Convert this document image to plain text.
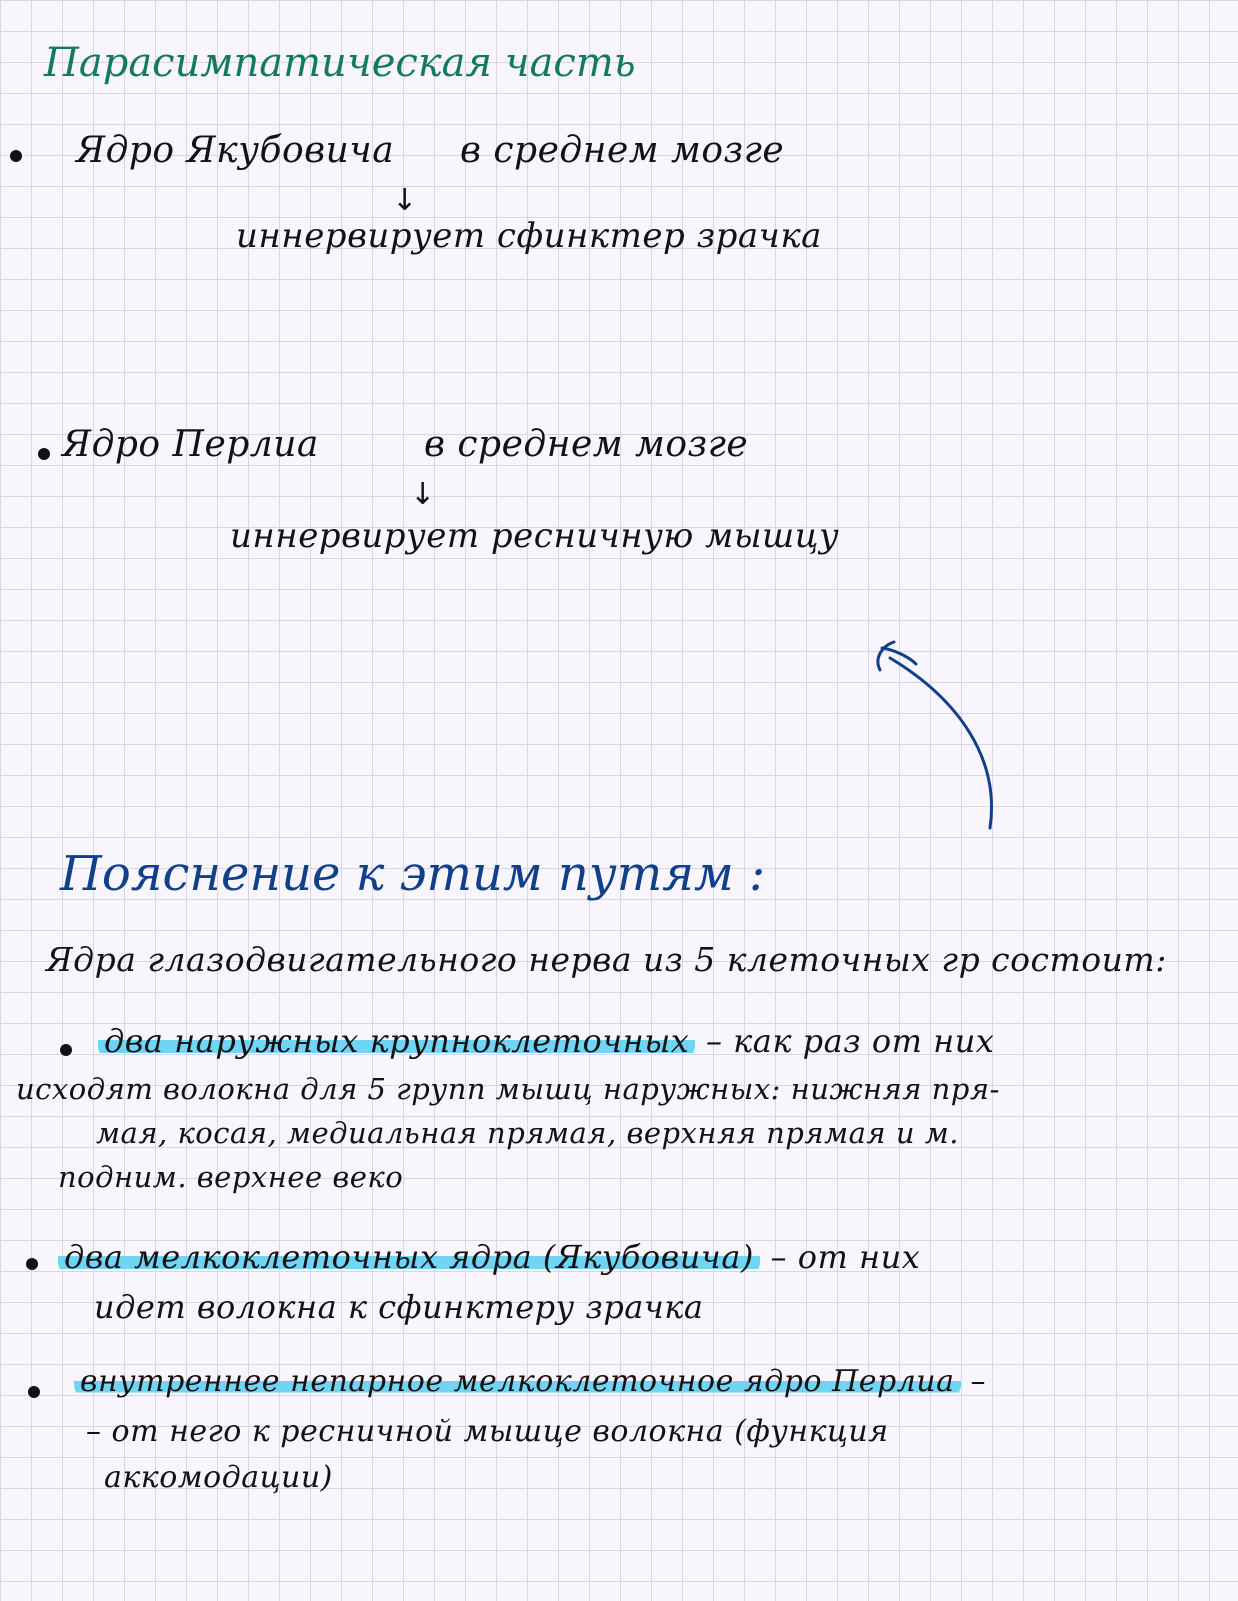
Парасимпатическая часть
Ядро Якубовича в среднем мозге
↓
иннервирует сфинктер зрачка
Ядро Перлиа	в среднем мозге
↓
иннервирует ресничную мышцу
Пояснение к этим путям :
Ядра глазодвигательного нерва из 5 клеточных гр состоит:
два наружных крупноклеточных – как раз от них
исходят волокна для 5 групп мышц наружных: нижняя пря-
мая, косая, медиальная прямая, верхняя прямая и м.
подним. верхнее веко
два мелкоклеточных ядра (Якубовича) – от них
идет волокна к сфинктеру зрачка
внутреннее непарное мелкоклеточное ядро Перлиа –
– от него к ресничной мышце волокна (функция
аккомодации)
